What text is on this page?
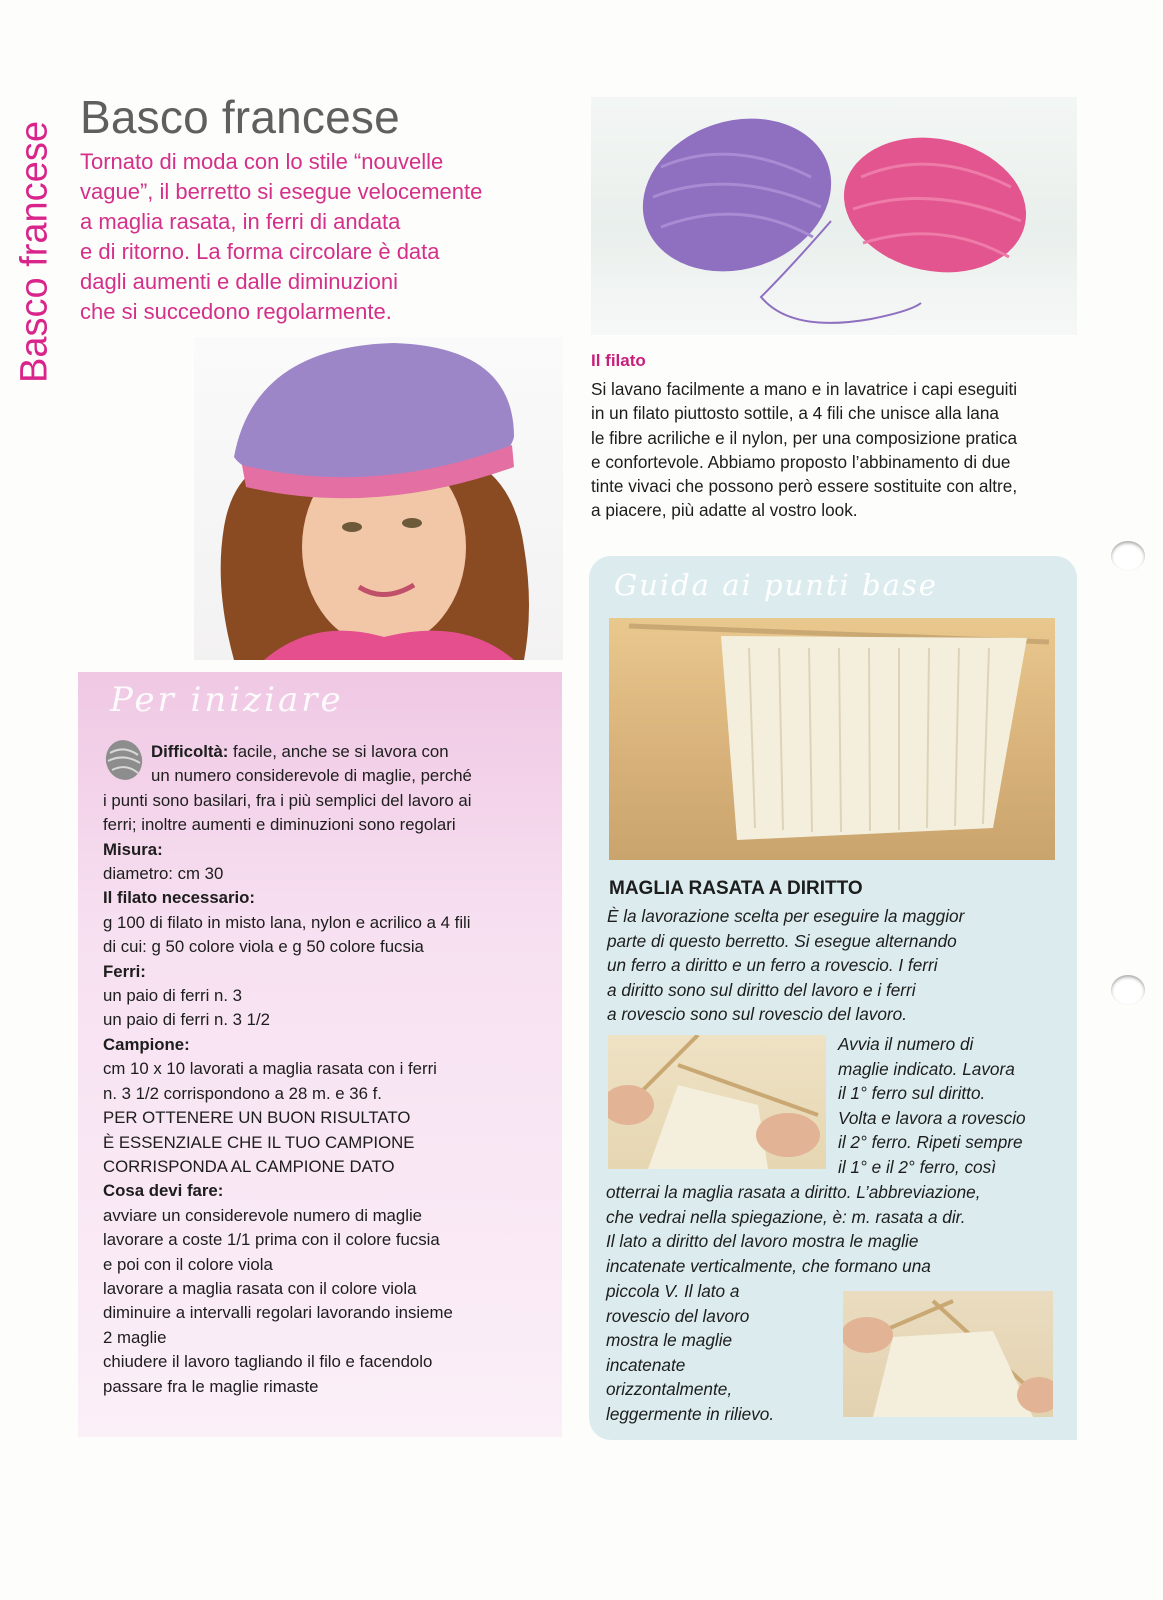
Basco francese
Basco francese

Tornato di moda con lo stile “nouvelle
vague”, il berretto si esegue velocemente
a maglia rasata, in ferri di andata
e di ritorno. La forma circolare è data
dagli aumenti e dalle diminuzioni
che si succedono regolarmente.

Il filato

Si lavano facilmente a mano e in lavatrice i capi eseguiti
in un filato piuttosto sottile, a 4 fili che unisce alla lana
le fibre acriliche e il nylon, per una composizione pratica
e confortevole. Abbiamo proposto l’abbinamento di due
tinte vivaci che possono però essere sostituite con altre,
a piacere, più adatte al vostro look.

Per iniziare

Difficoltà: facile, anche se si lavora con
un numero considerevole di maglie, perché
i punti sono basilari, fra i più semplici del lavoro ai
ferri; inoltre aumenti e diminuzioni sono regolari
Misura:
diametro: cm 30
Il filato necessario:
g 100 di filato in misto lana, nylon e acrilico a 4 fili
di cui: g 50 colore viola e g 50 colore fucsia
Ferri:
un paio di ferri n. 3
un paio di ferri n. 3 1/2
Campione:
cm 10 x 10 lavorati a maglia rasata con i ferri
n. 3 1/2 corrispondono a 28 m. e 36 f.
PER OTTENERE UN BUON RISULTATO
È ESSENZIALE CHE IL TUO CAMPIONE
CORRISPONDA AL CAMPIONE DATO
Cosa devi fare:
avviare un considerevole numero di maglie
lavorare a coste 1/1 prima con il colore fucsia
e poi con il colore viola
lavorare a maglia rasata con il colore viola
diminuire a intervalli regolari lavorando insieme
2 maglie
chiudere il lavoro tagliando il filo e facendolo
passare fra le maglie rimaste

Guida ai punti base
MAGLIA RASATA A DIRITTO

È la lavorazione scelta per eseguire la maggior
parte di questo berretto. Si esegue alternando
un ferro a diritto e un ferro a rovescio. I ferri
a diritto sono sul diritto del lavoro e i ferri
a rovescio sono sul rovescio del lavoro.

Avvia il numero di
maglie indicato. Lavora
il 1° ferro sul diritto.
Volta e lavora a rovescio
il 2° ferro. Ripeti sempre
il 1° e il 2° ferro, così

otterrai la maglia rasata a diritto. L’abbreviazione,
che vedrai nella spiegazione, è: m. rasata a dir.
Il lato a diritto del lavoro mostra le maglie
incatenate verticalmente, che formano una

piccola V. Il lato a
rovescio del lavoro
mostra le maglie
incatenate
orizzontalmente,
leggermente in rilievo.
